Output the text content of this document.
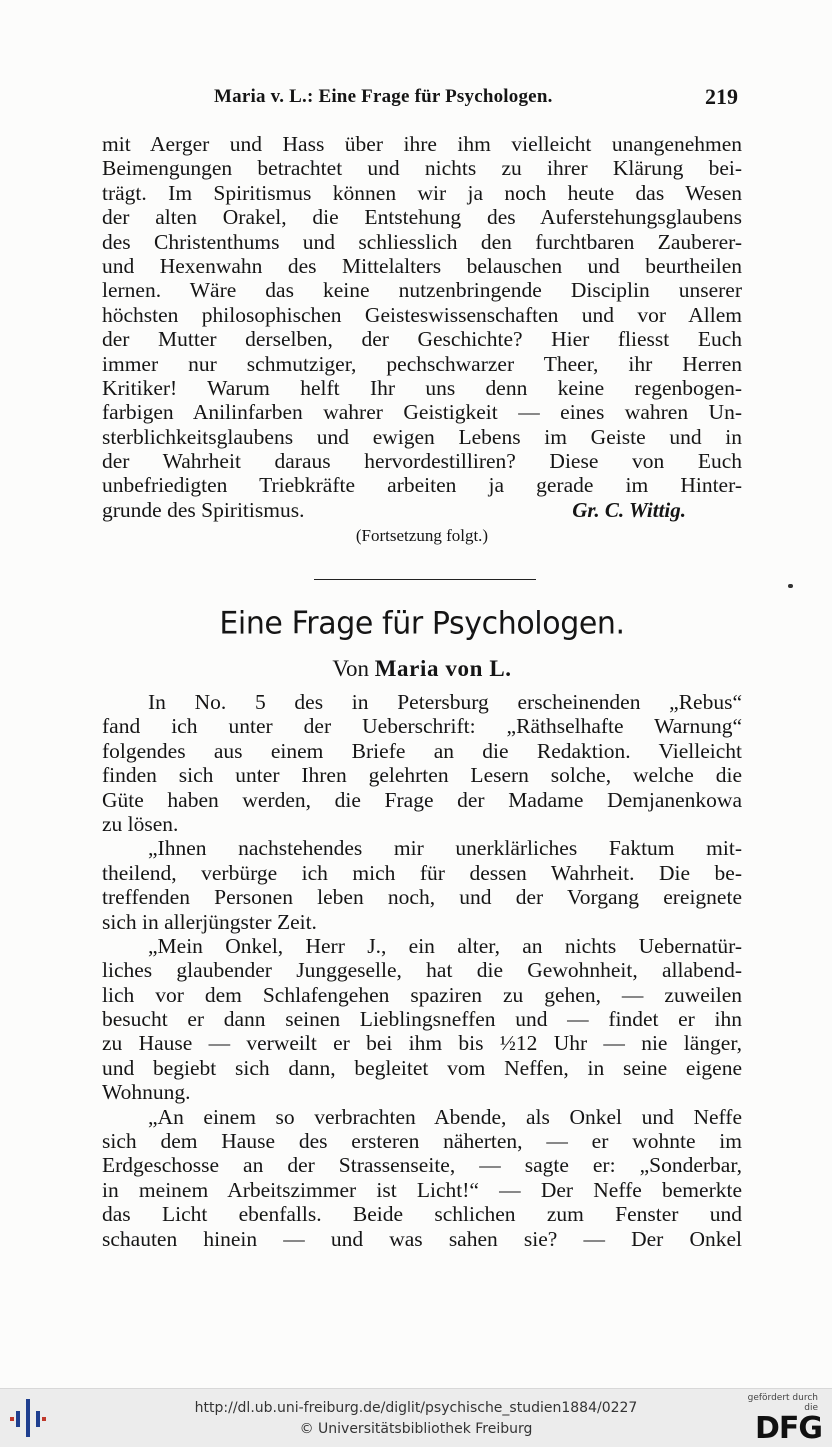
Maria v. L.: Eine Frage für Psychologen.	219
mit Aerger und Hass über ihre ihm vielleicht unangenehmen
Beimengungen betrachtet und nichts zu ihrer Klärung bei-
trägt. Im Spiritismus können wir ja noch heute das Wesen
der alten Orakel, die Entstehung des Auferstehungsglaubens
des Christenthums und schliesslich den furchtbaren Zauberer-
und Hexenwahn des Mittelalters belauschen und beurtheilen
lernen. Wäre das keine nutzenbringende Disciplin unserer
höchsten philosophischen Geisteswissenschaften und vor Allem
der Mutter derselben, der Geschichte? Hier fliesst Euch
immer nur schmutziger, pechschwarzer Theer, ihr Herren
Kritiker! Warum helft Ihr uns denn keine regenbogen-
farbigen Anilinfarben wahrer Geistigkeit — eines wahren Un-
sterblichkeitsglaubens und ewigen Lebens im Geiste und in
der Wahrheit daraus hervordestilliren? Diese von Euch
unbefriedigten Triebkräfte arbeiten ja gerade im Hinter-
grunde des Spiritismus.	Gr. C. Wittig.
(Fortsetzung folgt.)
Eine Frage für Psychologen.
Von Maria von L.
In No. 5 des in Petersburg erscheinenden „Rebus“
fand ich unter der Ueberschrift: „Räthselhafte Warnung“
folgendes aus einem Briefe an die Redaktion. Vielleicht
finden sich unter Ihren gelehrten Lesern solche, welche die
Güte haben werden, die Frage der Madame Demjanenkowa
zu lösen.
„Ihnen nachstehendes mir unerklärliches Faktum mit-
theilend, verbürge ich mich für dessen Wahrheit. Die be-
treffenden Personen leben noch, und der Vorgang ereignete
sich in allerjüngster Zeit.
„Mein Onkel, Herr J., ein alter, an nichts Uebernatür-
liches glaubender Junggeselle, hat die Gewohnheit, allabend-
lich vor dem Schlafengehen spaziren zu gehen, — zuweilen
besucht er dann seinen Lieblingsneffen und — findet er ihn
zu Hause — verweilt er bei ihm bis ½12 Uhr — nie länger,
und begiebt sich dann, begleitet vom Neffen, in seine eigene
Wohnung.
„An einem so verbrachten Abende, als Onkel und Neffe
sich dem Hause des ersteren näherten, — er wohnte im
Erdgeschosse an der Strassenseite, — sagte er: „Sonderbar,
in meinem Arbeitszimmer ist Licht!“ — Der Neffe bemerkte
das Licht ebenfalls. Beide schlichen zum Fenster und
schauten hinein — und was sahen sie? — Der Onkel
http://dl.ub.uni-freiburg.de/diglit/psychische_studien1884/0227
© Universitätsbibliothek Freiburg
gefördert durch die
DFG
